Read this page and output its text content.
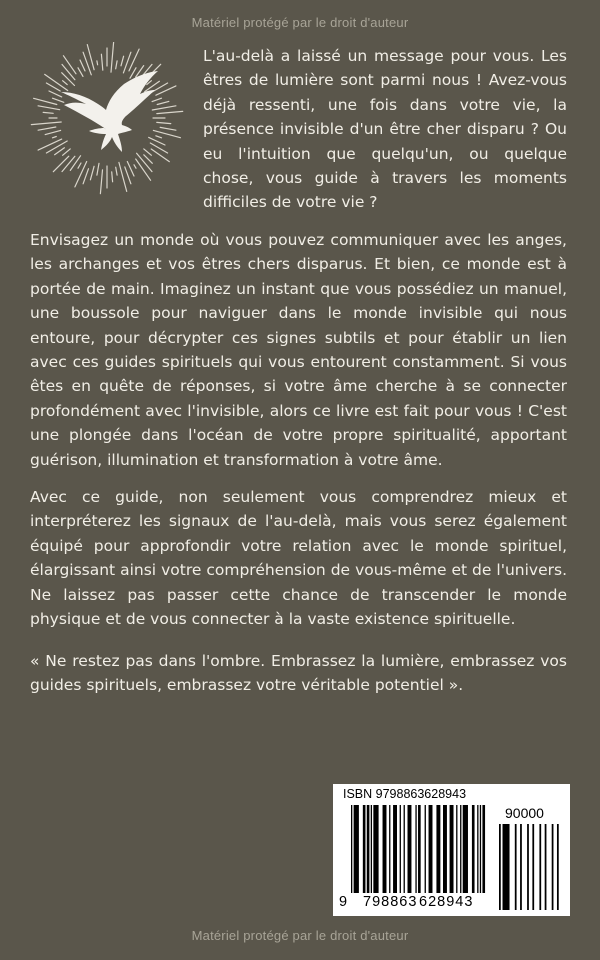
Matériel protégé par le droit d'auteur

L'au-delà a laissé un message pour vous. Les êtres de lumière sont parmi nous ! Avez-vous déjà ressenti, une fois dans votre vie, la présence invisible d'un être cher disparu ? Ou eu l'intuition que quelqu'un, ou quelque chose, vous guide à travers les moments difficiles de votre vie ?

Envisagez un monde où vous pouvez communiquer avec les anges, les archanges et vos êtres chers disparus. Et bien, ce monde est à portée de main. Imaginez un instant que vous possédiez un manuel, une boussole pour naviguer dans le monde invisible qui nous entoure, pour décrypter ces signes subtils et pour établir un lien avec ces guides spirituels qui vous entourent constamment. Si vous êtes en quête de réponses, si votre âme cherche à se connecter profondément avec l'invisible, alors ce livre est fait pour vous ! C'est une plongée dans l'océan de votre propre spiritualité, apportant guérison, illumination et transformation à votre âme.

Avec ce guide, non seulement vous comprendrez mieux et interpréterez les signaux de l'au-delà, mais vous serez également équipé pour approfondir votre relation avec le monde spirituel, élargissant ainsi votre compréhension de vous-même et de l'univers. Ne laissez pas passer cette chance de transcender le monde physique et de vous connecter à la vaste existence spirituelle.

« Ne restez pas dans l'ombre. Embrassez la lumière, embrassez vos guides spirituels, embrassez votre véritable potentiel ».

ISBN 9798863628943
90000
9 798863 628943
Matériel protégé par le droit d'auteur
